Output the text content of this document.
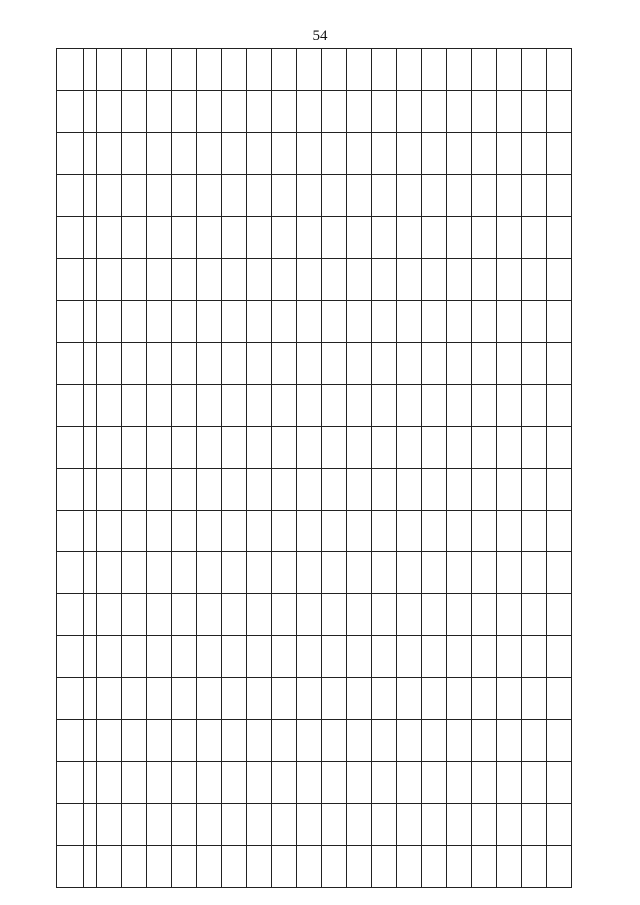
54
